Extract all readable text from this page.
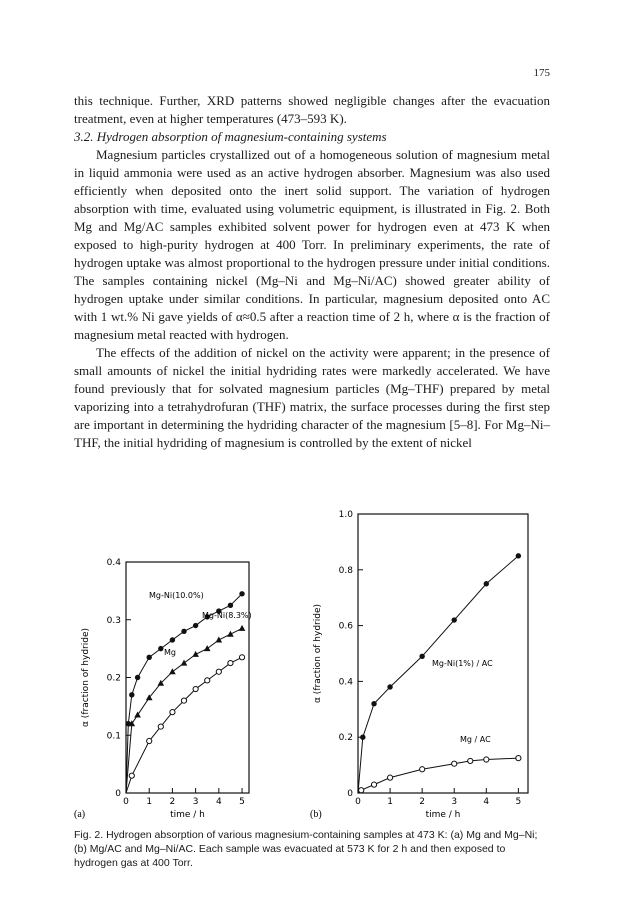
175

this technique. Further, XRD patterns showed negligible changes after the evacuation treatment, even at higher temperatures (473–593 K).

3.2. Hydrogen absorption of magnesium-containing systems

Magnesium particles crystallized out of a homogeneous solution of magnesium metal in liquid ammonia were used as an active hydrogen absorber. Magnesium was also used efficiently when deposited onto the inert solid support. The variation of hydrogen absorption with time, evaluated using volumetric equipment, is illustrated in Fig. 2. Both Mg and Mg/AC samples exhibited solvent power for hydrogen even at 473 K when exposed to high-purity hydrogen at 400 Torr. In preliminary experiments, the rate of hydrogen uptake was almost proportional to the hydrogen pressure under initial conditions. The samples containing nickel (Mg–Ni and Mg–Ni/AC) showed greater ability of hydrogen uptake under similar conditions. In particular, magnesium deposited onto AC with 1 wt.% Ni gave yields of α≈0.5 after a reaction time of 2 h, where α is the fraction of magnesium metal reacted with hydrogen.

The effects of the addition of nickel on the activity were apparent; in the presence of small amounts of nickel the initial hydriding rates were markedly accelerated. We have found previously that for solvated magnesium particles (Mg–THF) prepared by metal vaporizing into a tetrahydrofuran (THF) matrix, the surface processes during the first step are important in determining the hydriding character of the magnesium [5–8]. For Mg–Ni–THF, the initial hydriding of magnesium is controlled by the extent of nickel

0 1 2 3 4 5
0
0.1
0.2
0.3
0.4
time / h
α (fraction of hydride)
(a)
Mg-Ni(10.0%)
Mg-Ni(8.3%)
Mg
0	1	2	3	4	5
0
0.2
0.4
0.6
0.8
1.0
time / h
α (fraction of hydride)
(b)
Mg-Ni(1%) / AC
Mg / AC
Fig. 2. Hydrogen absorption of various magnesium-containing samples at 473 K: (a) Mg and Mg–Ni; (b) Mg/AC and Mg–Ni/AC. Each sample was evacuated at 573 K for 2 h and then exposed to hydrogen gas at 400 Torr.
